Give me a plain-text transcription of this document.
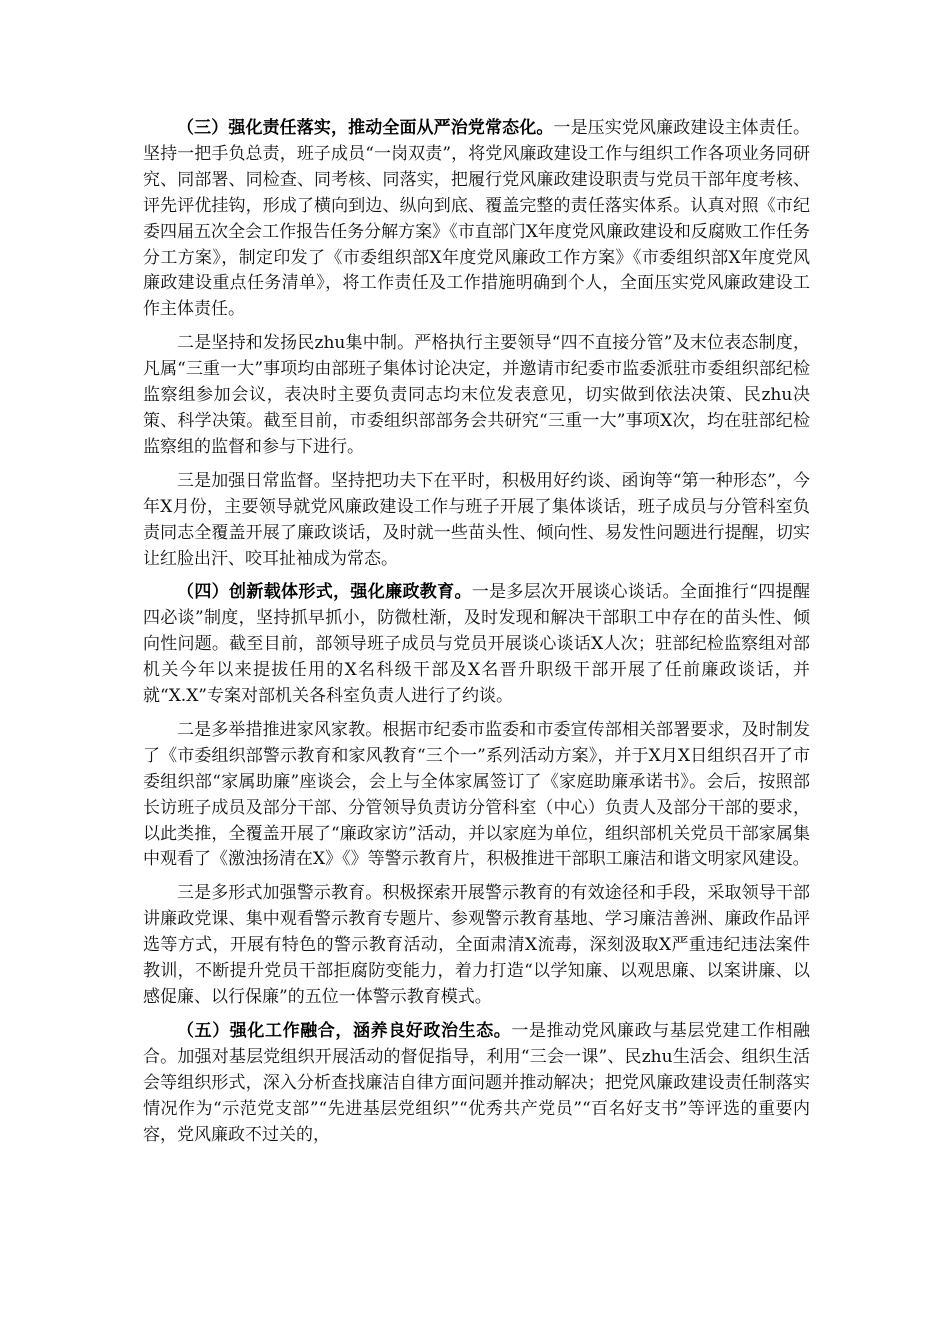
（三）强化责任落实，推动全面从严治党常态化。一是压实党风廉政建设主体责任。坚持一把手负总责，班子成员“一岗双责”，将党风廉政建设工作与组织工作各项业务同研究、同部署、同检查、同考核、同落实，把履行党风廉政建设职责与党员干部年度考核、评先评优挂钩，形成了横向到边、纵向到底、覆盖完整的责任落实体系。认真对照《市纪委四届五次全会工作报告任务分解方案》《市直部门X年度党风廉政建设和反腐败工作任务分工方案》，制定印发了《市委组织部X年度党风廉政工作方案》《市委组织部X年度党风廉政建设重点任务清单》，将工作责任及工作措施明确到个人，全面压实党风廉政建设工作主体责任。

二是坚持和发扬民zhu集中制。严格执行主要领导“四不直接分管”及末位表态制度，凡属“三重一大”事项均由部班子集体讨论决定，并邀请市纪委市监委派驻市委组织部纪检监察组参加会议，表决时主要负责同志均末位发表意见，切实做到依法决策、民zhu决策、科学决策。截至目前，市委组织部部务会共研究“三重一大”事项X次，均在驻部纪检监察组的监督和参与下进行。

三是加强日常监督。坚持把功夫下在平时，积极用好约谈、函询等“第一种形态”，今年X月份，主要领导就党风廉政建设工作与班子开展了集体谈话，班子成员与分管科室负责同志全覆盖开展了廉政谈话，及时就一些苗头性、倾向性、易发性问题进行提醒，切实让红脸出汗、咬耳扯袖成为常态。

（四）创新载体形式，强化廉政教育。一是多层次开展谈心谈话。全面推行“四提醒四必谈”制度，坚持抓早抓小，防微杜渐，及时发现和解决干部职工中存在的苗头性、倾向性问题。截至目前，部领导班子成员与党员开展谈心谈话X人次；驻部纪检监察组对部机关今年以来提拔任用的X名科级干部及X名晋升职级干部开展了任前廉政谈话，并就“X.X”专案对部机关各科室负责人进行了约谈。

二是多举措推进家风家教。根据市纪委市监委和市委宣传部相关部署要求，及时制发了《市委组织部警示教育和家风教育“三个一”系列活动方案》，并于X月X日组织召开了市委组织部“家属助廉”座谈会，会上与全体家属签订了《家庭助廉承诺书》。会后，按照部长访班子成员及部分干部、分管领导负责访分管科室（中心）负责人及部分干部的要求，以此类推，全覆盖开展了“廉政家访”活动，并以家庭为单位，组织部机关党员干部家属集中观看了《激浊扬清在X》《》等警示教育片，积极推进干部职工廉洁和谐文明家风建设。

三是多形式加强警示教育。积极探索开展警示教育的有效途径和手段，采取领导干部讲廉政党课、集中观看警示教育专题片、参观警示教育基地、学习廉洁善洲、廉政作品评选等方式，开展有特色的警示教育活动，全面肃清X流毒，深刻汲取X严重违纪违法案件教训，不断提升党员干部拒腐防变能力，着力打造“以学知廉、以观思廉、以案讲廉、以感促廉、以行保廉”的五位一体警示教育模式。

（五）强化工作融合，涵养良好政治生态。一是推动党风廉政与基层党建工作相融合。加强对基层党组织开展活动的督促指导，利用“三会一课”、民zhu生活会、组织生活会等组织形式，深入分析查找廉洁自律方面问题并推动解决；把党风廉政建设责任制落实情况作为“示范党支部”“先进基层党组织”“优秀共产党员”“百名好支书”等评选的重要内容，党风廉政不过关的，
